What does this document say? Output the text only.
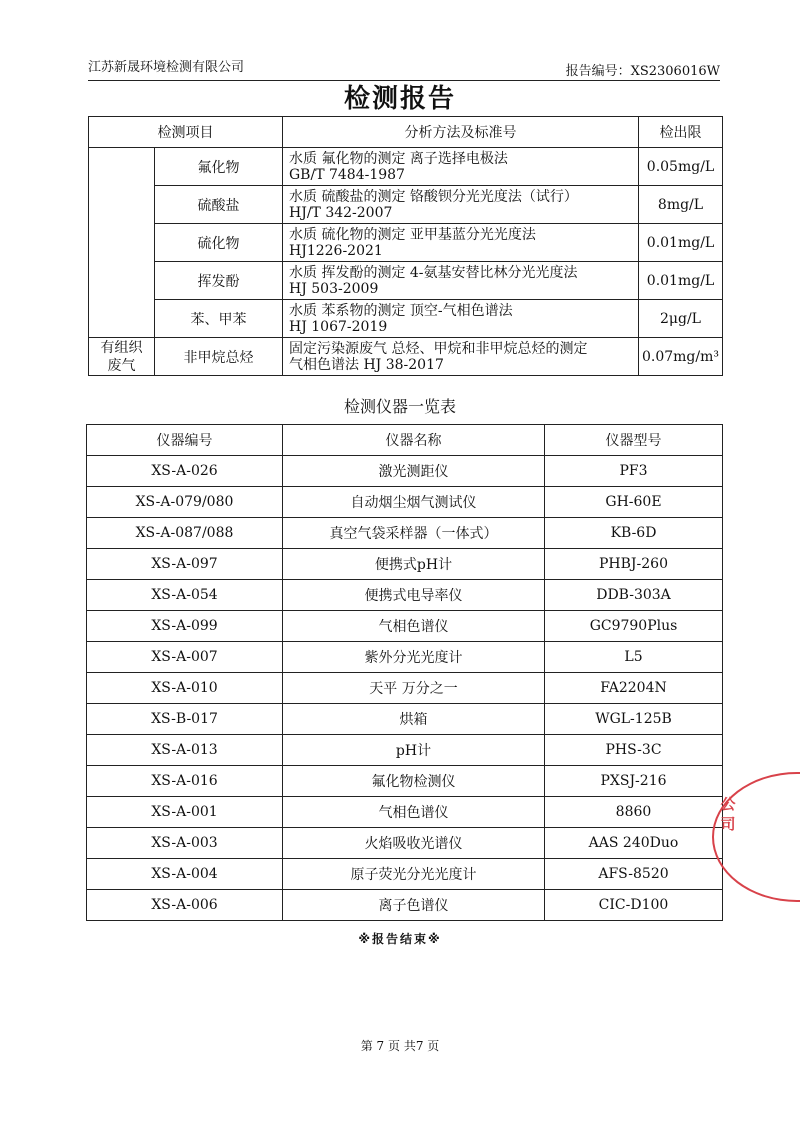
江苏新晟环境检测有限公司	报告编号：XS2306016W
检测报告
检测项目		分析方法及标准号	检出限

	氟化物	水质 氟化物的测定 离子选择电极法
GB/T 7484-1987	0.05mg/L
	硫酸盐	水质 硫酸盐的测定 铬酸钡分光光度法（试行）
HJ/T 342-2007	8mg/L
	硫化物	水质 硫化物的测定 亚甲基蓝分光光度法
HJ1226-2021	0.01mg/L
	挥发酚	水质 挥发酚的测定 4-氨基安替比林分光光度法
HJ 503-2009	0.01mg/L
	苯、甲苯	水质 苯系物的测定 顶空-气相色谱法
HJ 1067-2019	2μg/L

有组织废气	非甲烷总烃	固定污染源废气 总烃、甲烷和非甲烷总烃的测定
气相色谱法 HJ 38-2017	0.07mg/m³
检测仪器一览表
仪器编号	仪器名称	仪器型号
XS-A-026	激光测距仪	PF3
XS-A-079/080	自动烟尘烟气测试仪	GH-60E
XS-A-087/088	真空气袋采样器（一体式）	KB-6D
XS-A-097	便携式pH计	PHBJ-260
XS-A-054	便携式电导率仪	DDB-303A
XS-A-099	气相色谱仪	GC9790Plus
XS-A-007	紫外分光光度计	L5
XS-A-010	天平 万分之一	FA2204N
XS-B-017	烘箱	WGL-125B
XS-A-013	pH计	PHS-3C
XS-A-016	氟化物检测仪	PXSJ-216
XS-A-001	气相色谱仪	8860
XS-A-003	火焰吸收光谱仪	AAS 240Duo
XS-A-004	原子荧光分光光度计	AFS-8520
XS-A-006	离子色谱仪	CIC-D100
※报告结束※
第 7 页 共7 页
公司
